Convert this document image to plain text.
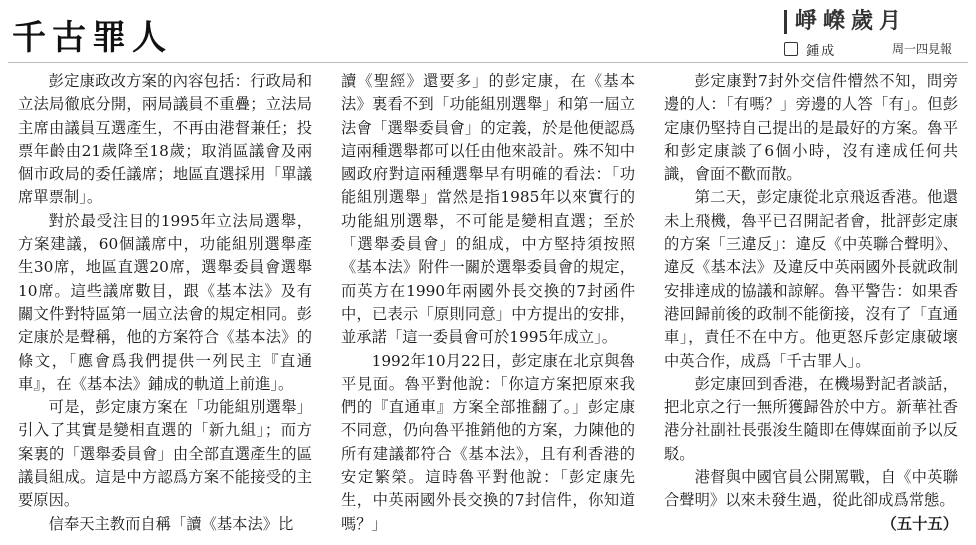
千古罪人	崢嶸歲月
鍾成	周一四見報

彭定康政改方案的內容包括：行政局和立法局徹底分開，兩局議員不重疊；立法局主席由議員互選產生，不再由港督兼任；投票年齡由21歲降至18歲；取消區議會及兩個市政局的委任議席；地區直選採用「單議席單票制」。

對於最受注目的1995年立法局選舉，方案建議，60個議席中，功能組別選舉產生30席，地區直選20席，選舉委員會選舉10席。這些議席數目，跟《基本法》及有關文件對特區第一屆立法會的規定相同。彭定康於是聲稱，他的方案符合《基本法》的條文，「應會爲我們提供一列民主『直通車』，在《基本法》鋪成的軌道上前進」。

可是，彭定康方案在「功能組別選舉」引入了其實是變相直選的「新九組」；而方案裏的「選舉委員會」由全部直選產生的區議員組成。這是中方認爲方案不能接受的主要原因。

信奉天主教而自稱「讀《基本法》比

讀《聖經》還要多」的彭定康，在《基本法》裏看不到「功能組別選舉」和第一屆立法會「選舉委員會」的定義，於是他便認爲這兩種選舉都可以任由他來設計。殊不知中國政府對這兩種選舉早有明確的看法：「功能組別選舉」當然是指1985年以來實行的功能組別選舉，不可能是變相直選；至於「選舉委員會」的組成，中方堅持須按照《基本法》附件一關於選舉委員會的規定，而英方在1990年兩國外長交換的7封函件中，已表示「原則同意」中方提出的安排，並承諾「這一委員會可於1995年成立」。

1992年10月22日，彭定康在北京與魯平見面。魯平對他說：「你這方案把原來我們的『直通車』方案全部推翻了。」彭定康不同意，仍向魯平推銷他的方案，力陳他的所有建議都符合《基本法》，且有利香港的安定繁榮。這時魯平對他說：「彭定康先生，中英兩國外長交換的7封信件，你知道嗎？」

彭定康對7封外交信件懵然不知，問旁邊的人：「有嗎？」旁邊的人答「有」。但彭定康仍堅持自己提出的是最好的方案。魯平和彭定康談了6個小時，沒有達成任何共識，會面不歡而散。

第二天，彭定康從北京飛返香港。他還未上飛機，魯平已召開記者會，批評彭定康的方案「三違反」：違反《中英聯合聲明》、違反《基本法》及違反中英兩國外長就政制安排達成的協議和諒解。魯平警告：如果香港回歸前後的政制不能銜接，沒有了「直通車」，責任不在中方。他更怒斥彭定康破壞中英合作，成爲「千古罪人」。

彭定康回到香港，在機場對記者談話，把北京之行一無所獲歸咎於中方。新華社香港分社副社長張浚生隨即在傳媒面前予以反駁。

港督與中國官員公開罵戰，自《中英聯合聲明》以來未發生過，從此卻成爲常態。

（五十五）
